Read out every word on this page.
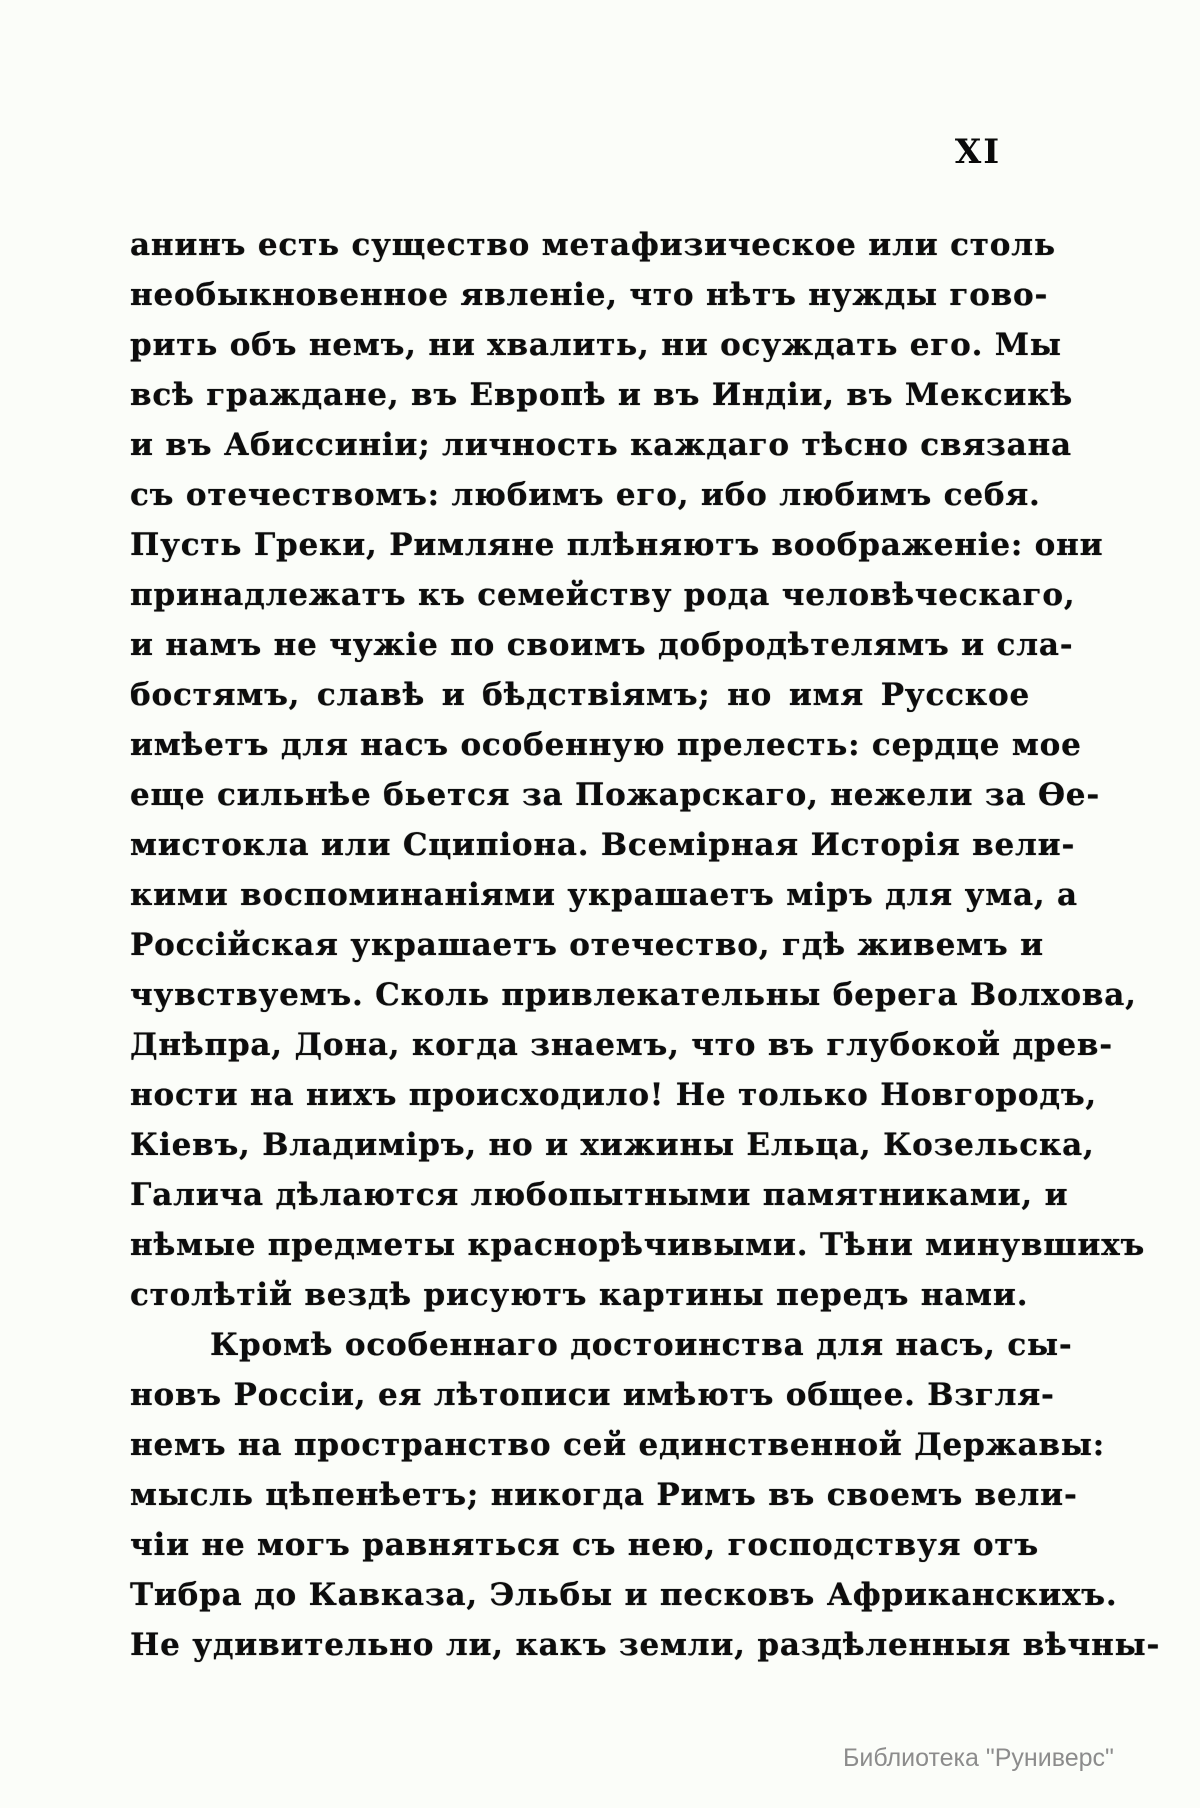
XI
анинъ есть существо метафизическое или столь
необыкновенное явленіе, что нѣтъ нужды гово-
рить объ немъ, ни хвалить, ни осуждать его. Мы
всѣ граждане, въ Европѣ и въ Индіи, въ Мексикѣ
и въ Абиссиніи; личность каждаго тѣсно связана
съ отечествомъ: любимъ его, ибо любимъ себя.
Пусть Греки, Римляне плѣняютъ воображеніе: они
принадлежатъ къ семейству рода человѣческаго,
и намъ не чужіе по своимъ добродѣтелямъ и сла-
бостямъ, славѣ и бѣдствіямъ; но имя Русское
имѣетъ для насъ особенную прелесть: сердце мое
еще сильнѣе бьется за Пожарскаго, нежели за Ѳе-
мистокла или Сципіона. Всемірная Исторія вели-
кими воспоминаніями украшаетъ міръ для ума, а
Россійская украшаетъ отечество, гдѣ живемъ и
чувствуемъ. Сколь привлекательны берега Волхова,
Днѣпра, Дона, когда знаемъ, что въ глубокой древ-
ности на нихъ происходило! Не только Новгородъ,
Кіевъ, Владиміръ, но и хижины Ельца, Козельска,
Галича дѣлаются любопытными памятниками, и
нѣмые предметы краснорѣчивыми. Тѣни минувшихъ
столѣтій вездѣ рисуютъ картины передъ нами.
Кромѣ особеннаго достоинства для насъ, сы-
новъ Россіи, ея лѣтописи имѣютъ общее. Взгля-
немъ на пространство сей единственной Державы:
мысль цѣпенѣетъ; никогда Римъ въ своемъ вели-
чіи не могъ равняться съ нею, господствуя отъ
Тибра до Кавказа, Эльбы и песковъ Африканскихъ.
Не удивительно ли, какъ земли, раздѣленныя вѣчны-
Библиотека "Руниверс"
